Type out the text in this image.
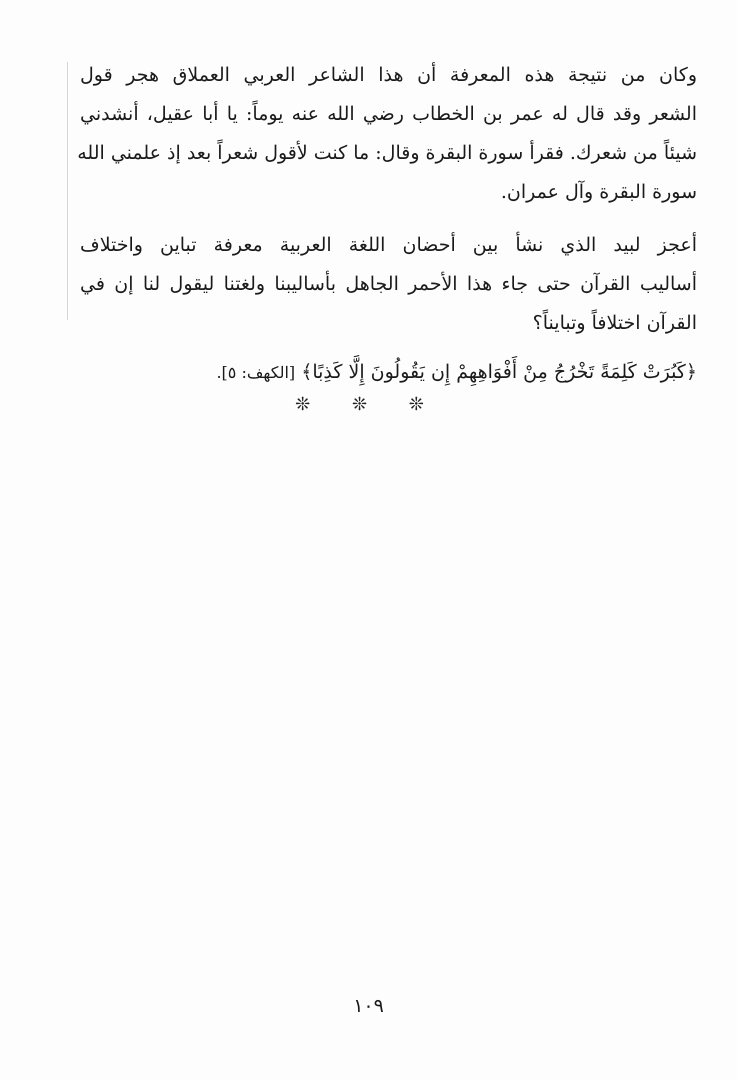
وكان من نتيجة هذه المعرفة أن هذا الشاعر العربي العملاق هجر قول
الشعر وقد قال له عمر بن الخطاب رضي الله عنه يوماً: يا أبا عقيل، أنشدني
شيئاً من شعرك. فقرأ سورة البقرة وقال: ما كنت لأقول شعراً بعد إذ علمني الله
سورة البقرة وآل عمران.
أعجز لبيد الذي نشأ بين أحضان اللغة العربية معرفة تباين واختلاف
أساليب القرآن حتى جاء هذا الأحمر الجاهل بأساليبنا ولغتنا ليقول لنا إن في
القرآن اختلافاً وتبايناً؟
﴿كَبُرَتْ كَلِمَةً تَخْرُجُ مِنْ أَفْوَاهِهِمْ إِن يَقُولُونَ إِلَّا كَذِبًا﴾ [الكهف: ٥].
❊ ❊ ❊
١٠٩
